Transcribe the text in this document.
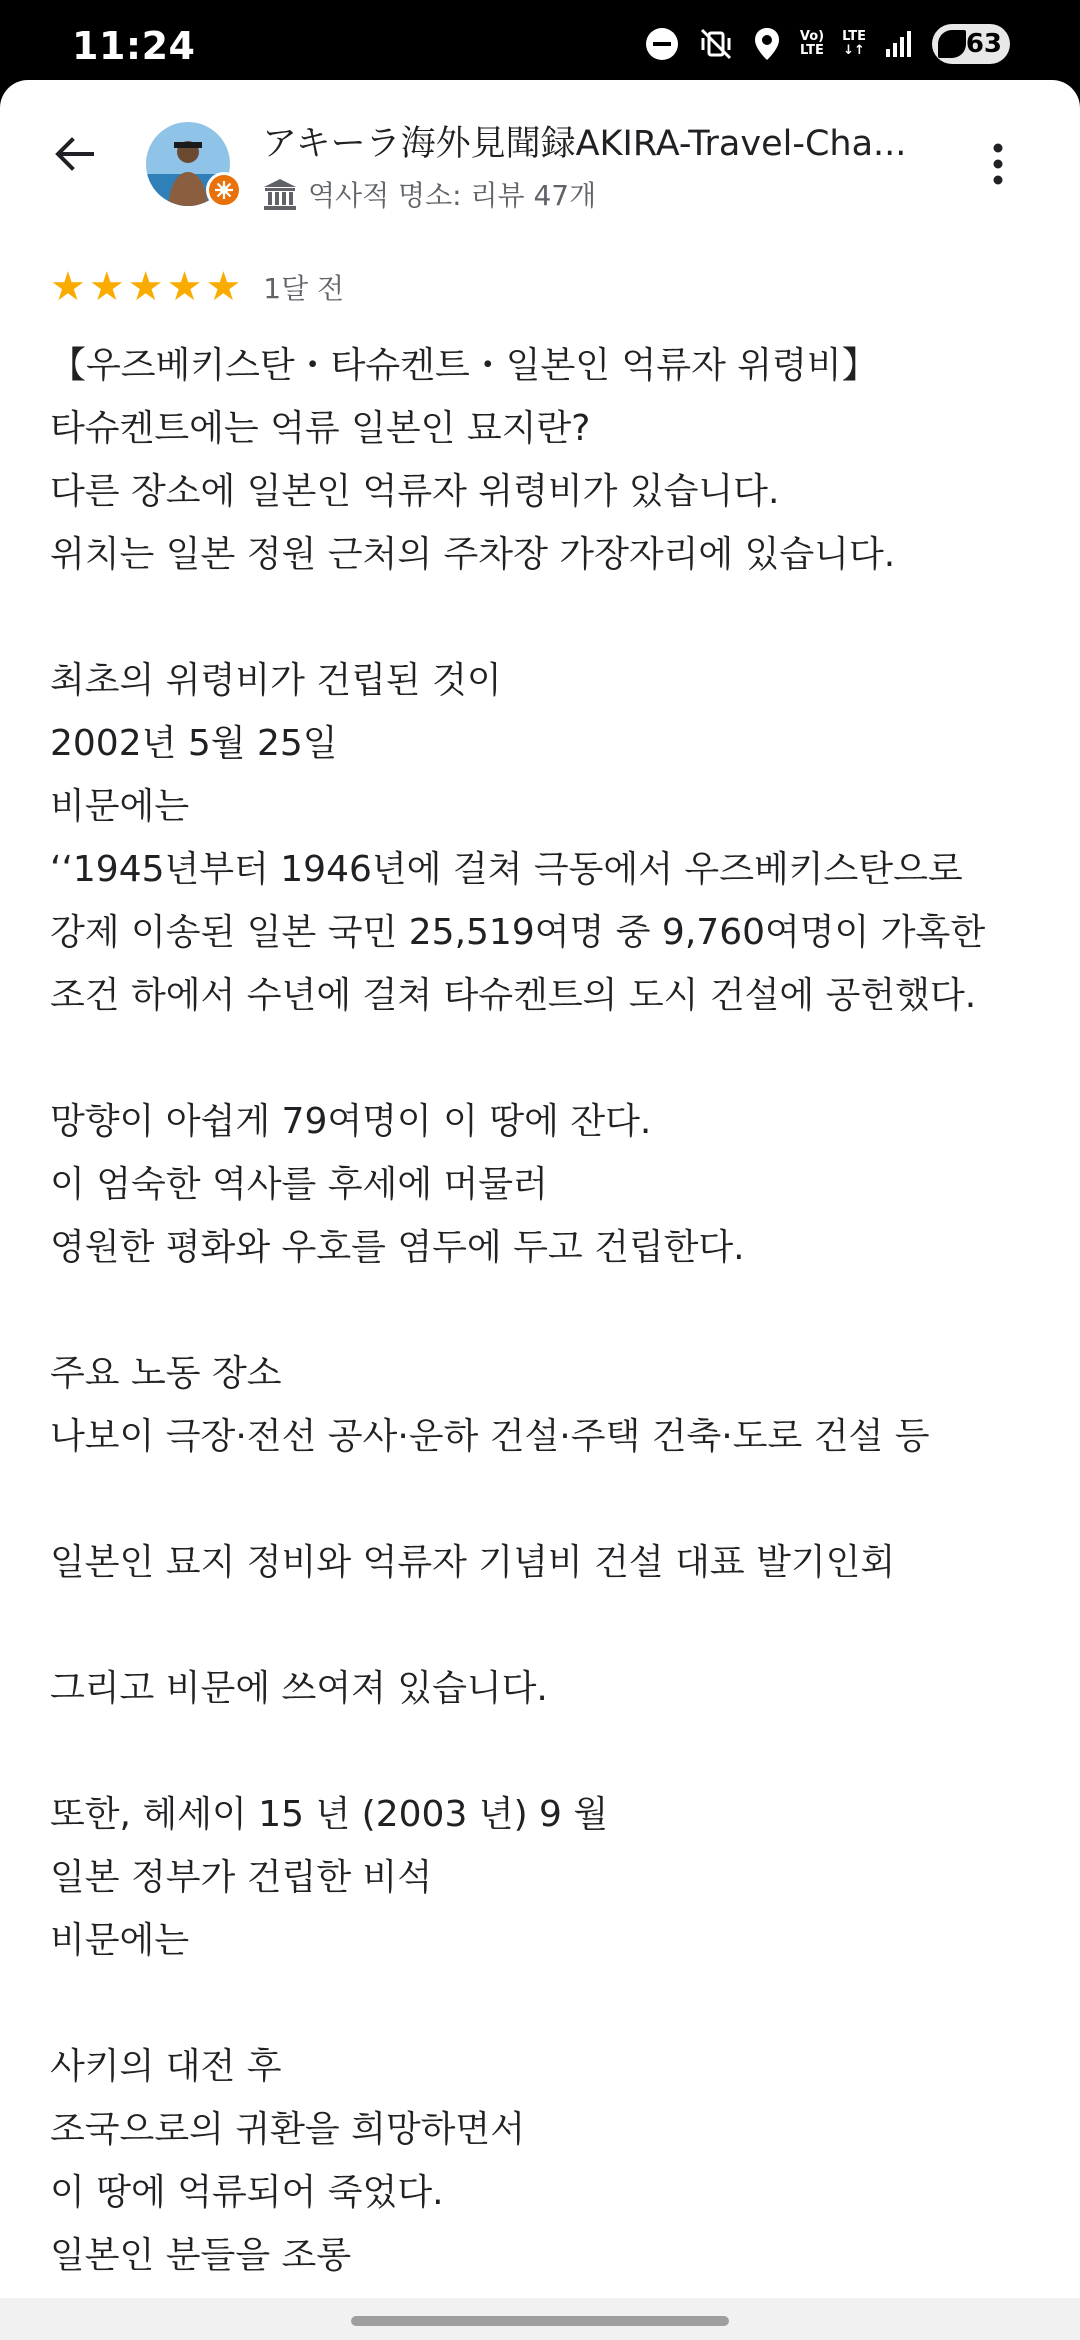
11:24	Vo)
LTE
LTE
↓↑	63
アキーラ海外見聞録AKIRA-Travel-Cha...
역사적 명소: 리뷰 47개
★ ★ ★ ★ ★ 1달 전
【우즈베키스탄・타슈켄트・일본인 억류자 위령비】
타슈켄트에는 억류 일본인 묘지란?
다른 장소에 일본인 억류자 위령비가 있습니다.
위치는 일본 정원 근처의 주차장 가장자리에 있습니다.
최초의 위령비가 건립된 것이
2002년 5월 25일
비문에는
‘‘1945년부터 1946년에 걸쳐 극동에서 우즈베키스탄으로
강제 이송된 일본 국민 25,519여명 중 9,760여명이 가혹한
조건 하에서 수년에 걸쳐 타슈켄트의 도시 건설에 공헌했다.
망향이 아쉽게 79여명이 이 땅에 잔다.
이 엄숙한 역사를 후세에 머물러
영원한 평화와 우호를 염두에 두고 건립한다.
주요 노동 장소
나보이 극장·전선 공사·운하 건설·주택 건축·도로 건설 등
일본인 묘지 정비와 억류자 기념비 건설 대표 발기인회
그리고 비문에 쓰여져 있습니다.
또한, 헤세이 15 년 (2003 년) 9 월
일본 정부가 건립한 비석
비문에는
사키의 대전 후
조국으로의 귀환을 희망하면서
이 땅에 억류되어 죽었다.
일본인 분들을 조롱
